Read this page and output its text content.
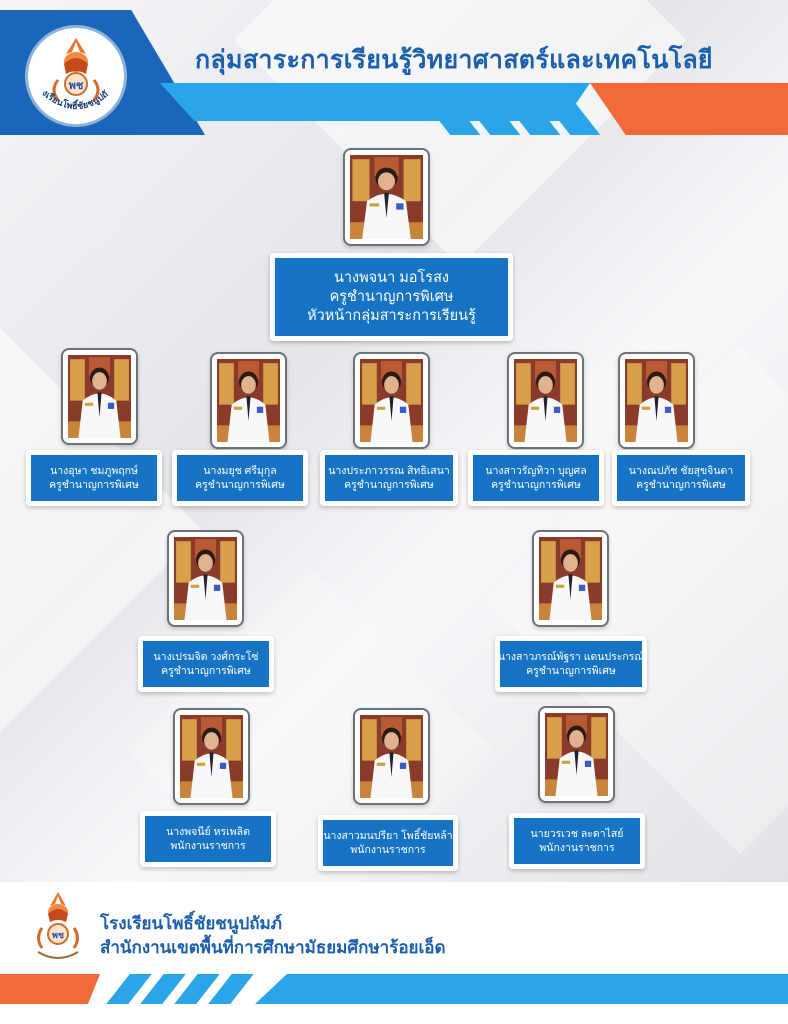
พช
งเรียนโพธิ์ชัยชนูปถั
กลุ่มสาระการเรียนรู้วิทยาศาสตร์และเทคโนโลยี
นางพจนา มอโรสง
ครูชำนาญการพิเศษ
หัวหน้ากลุ่มสาระการเรียนรู้
นางอุษา ชมภูพฤกษ์
ครูชำนาญการพิเศษ
นางมยุช ศรีมุกุล
ครูชำนาญการพิเศษ
นางประภาวรรณ สิทธิเสนา
ครูชำนาญการพิเศษ
นางสาวรัญทิวา บุญศล
ครูชำนาญการพิเศษ
นางณปภัช ชัยสุขจินดา
ครูชำนาญการพิเศษ
นางเปรมจิต วงศ์กระโซ่
ครูชำนาญการพิเศษ
นางสาวภรณ์พัฐรา แดนประกรณ์
ครูชำนาญการพิเศษ
นางพจนีย์ หรเพลิต
พนักงานราชการ
นางสาวมนปรียา โพธิ์ชัยหล้า
พนักงานราชการ
นายวรเวช ละดาไสย์
พนักงานราชการ
พช
โรงเรียนโพธิ์ชัยชนูปถัมภ์
สำนักงานเขตพื้นที่การศึกษามัธยมศึกษาร้อยเอ็ด
